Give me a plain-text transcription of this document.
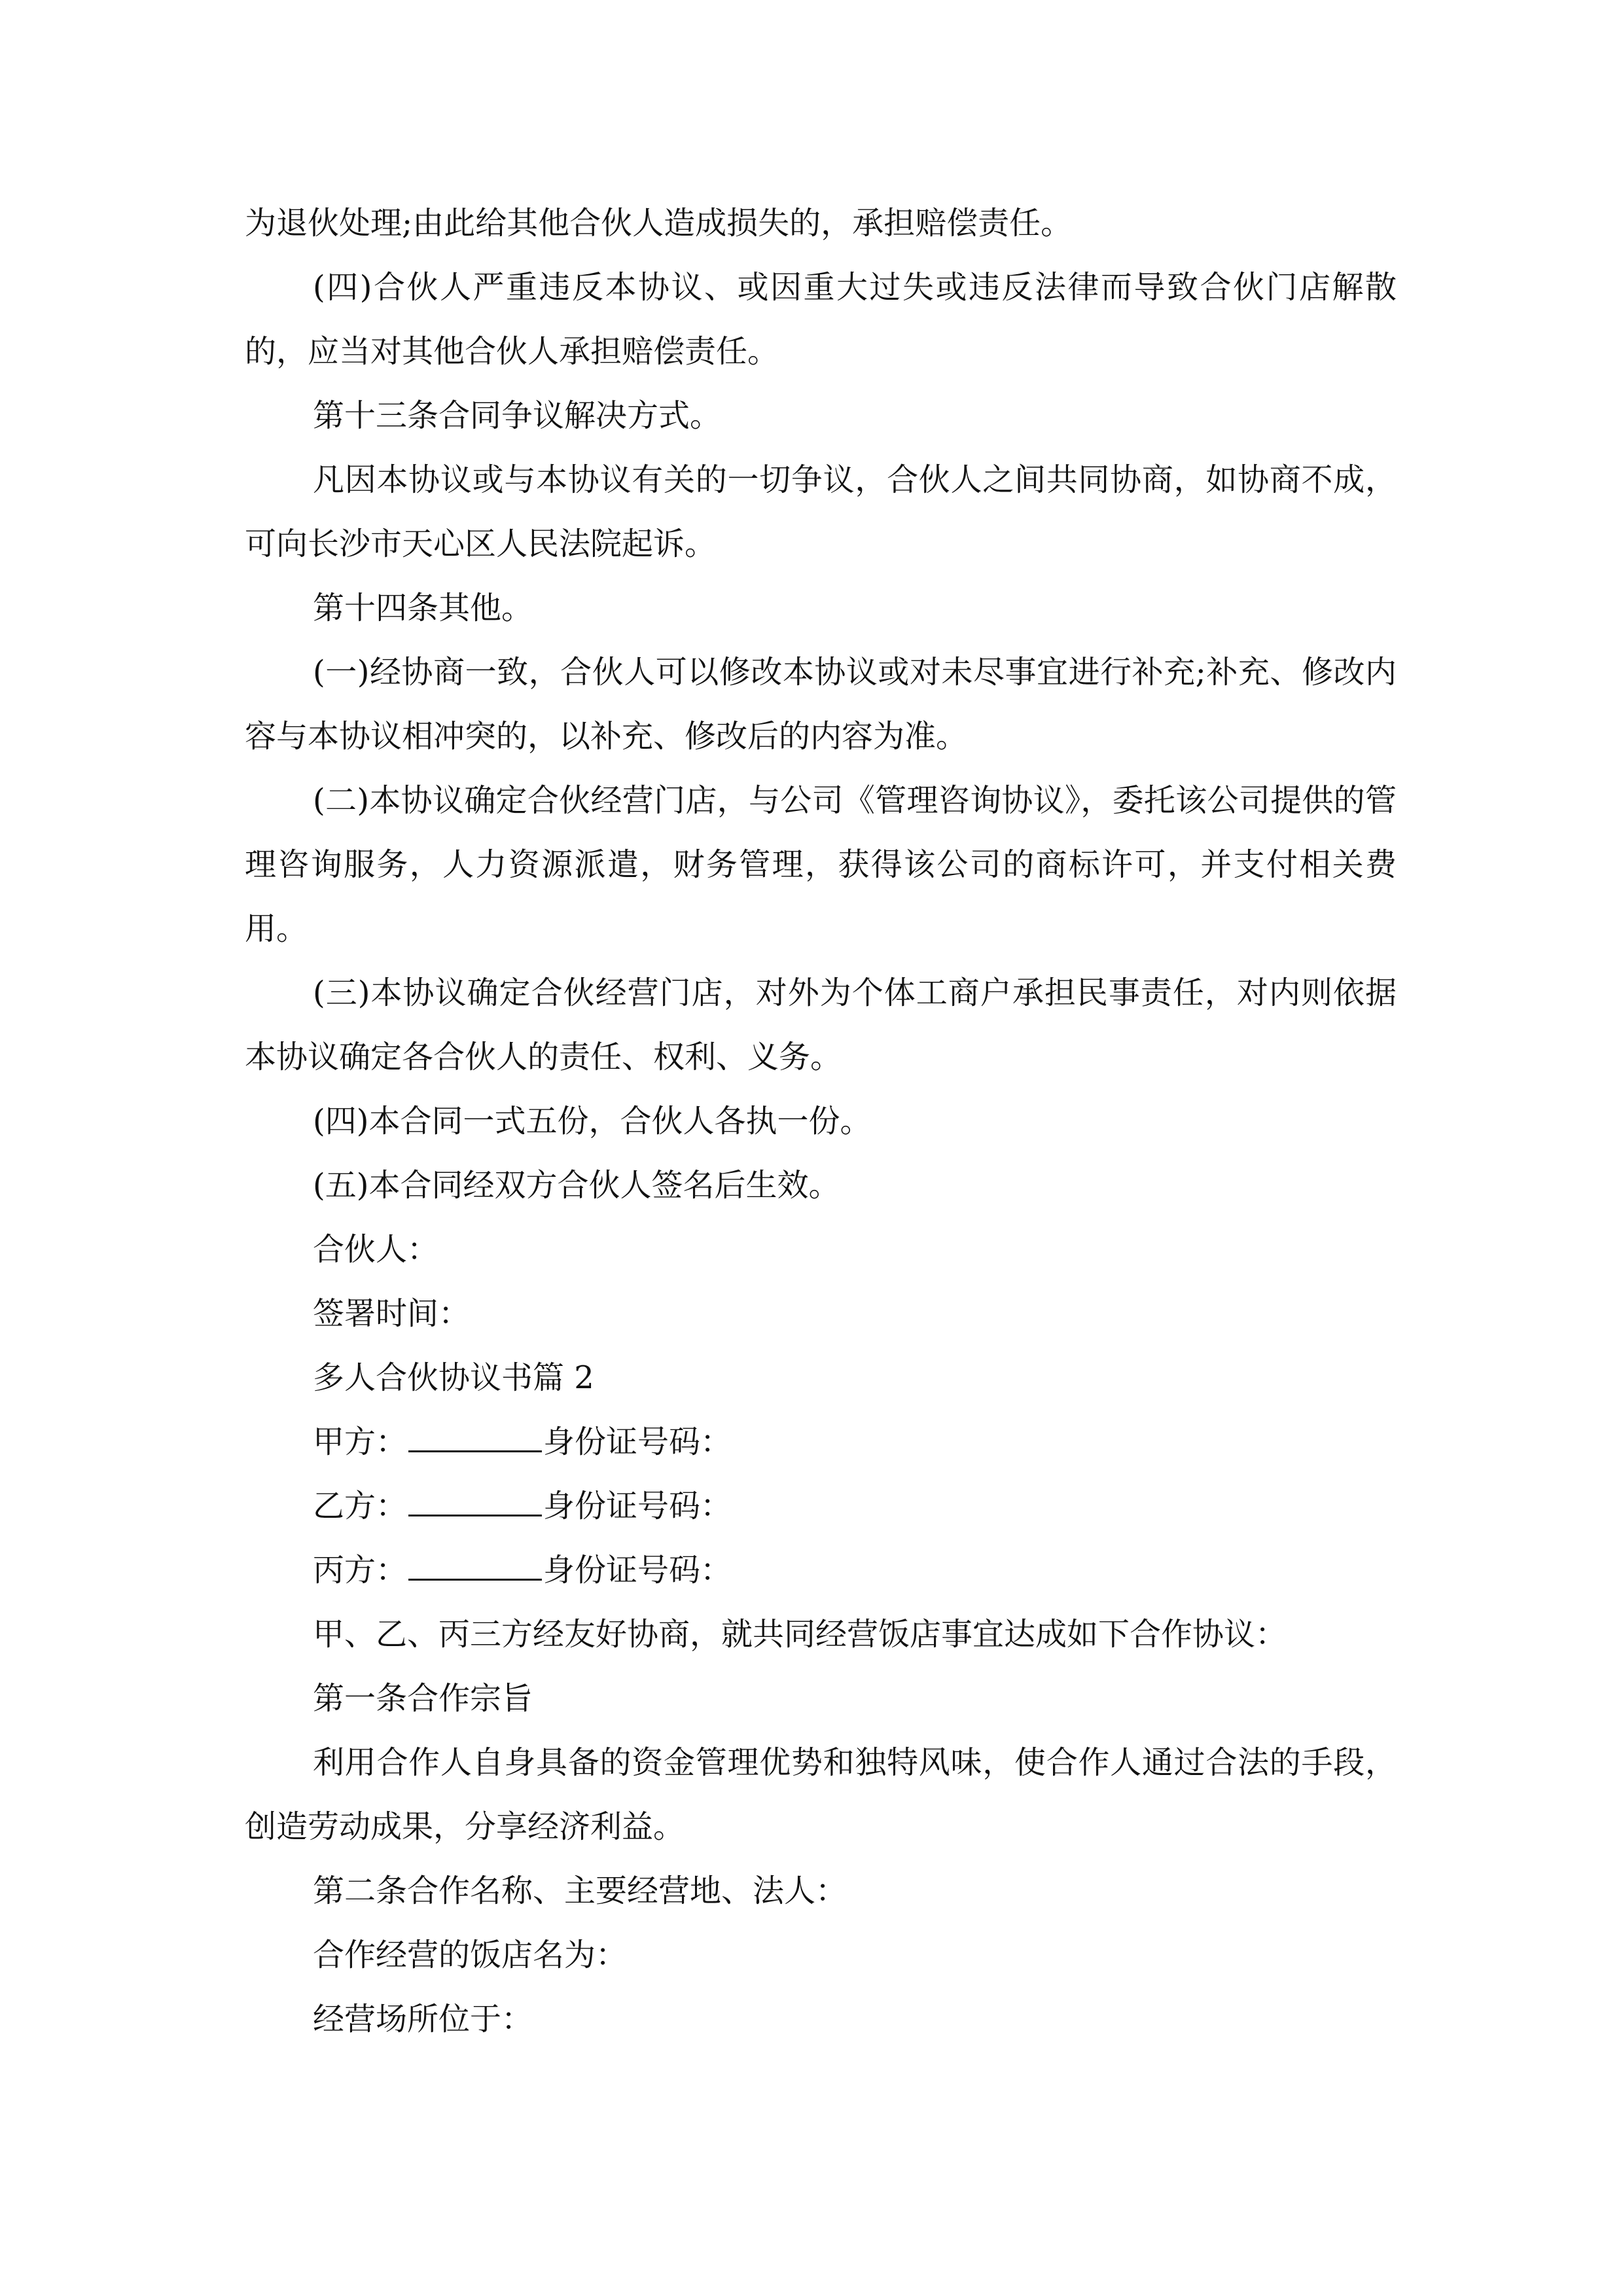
为退伙处理;由此给其他合伙人造成损失的，承担赔偿责任。

(四)合伙人严重违反本协议、或因重大过失或违反法律而导致合伙门店解散的，应当对其他合伙人承担赔偿责任。

第十三条合同争议解决方式。

凡因本协议或与本协议有关的一切争议，合伙人之间共同协商，如协商不成，可向长沙市天心区人民法院起诉。

第十四条其他。

(一)经协商一致，合伙人可以修改本协议或对未尽事宜进行补充;补充、修改内容与本协议相冲突的，以补充、修改后的内容为准。

(二)本协议确定合伙经营门店，与公司《管理咨询协议》，委托该公司提供的管理咨询服务，人力资源派遣，财务管理，获得该公司的商标许可，并支付相关费用。

(三)本协议确定合伙经营门店，对外为个体工商户承担民事责任，对内则依据本协议确定各合伙人的责任、权利、义务。

(四)本合同一式五份，合伙人各执一份。

(五)本合同经双方合伙人签名后生效。

合伙人：

签署时间：

多人合伙协议书篇 2

甲方：	身份证号码：

乙方：	身份证号码：

丙方：	身份证号码：

甲、乙、丙三方经友好协商，就共同经营饭店事宜达成如下合作协议：

第一条合作宗旨

利用合作人自身具备的资金管理优势和独特风味，使合作人通过合法的手段，创造劳动成果，分享经济利益。

第二条合作名称、主要经营地、法人：

合作经营的饭店名为：

经营场所位于：
